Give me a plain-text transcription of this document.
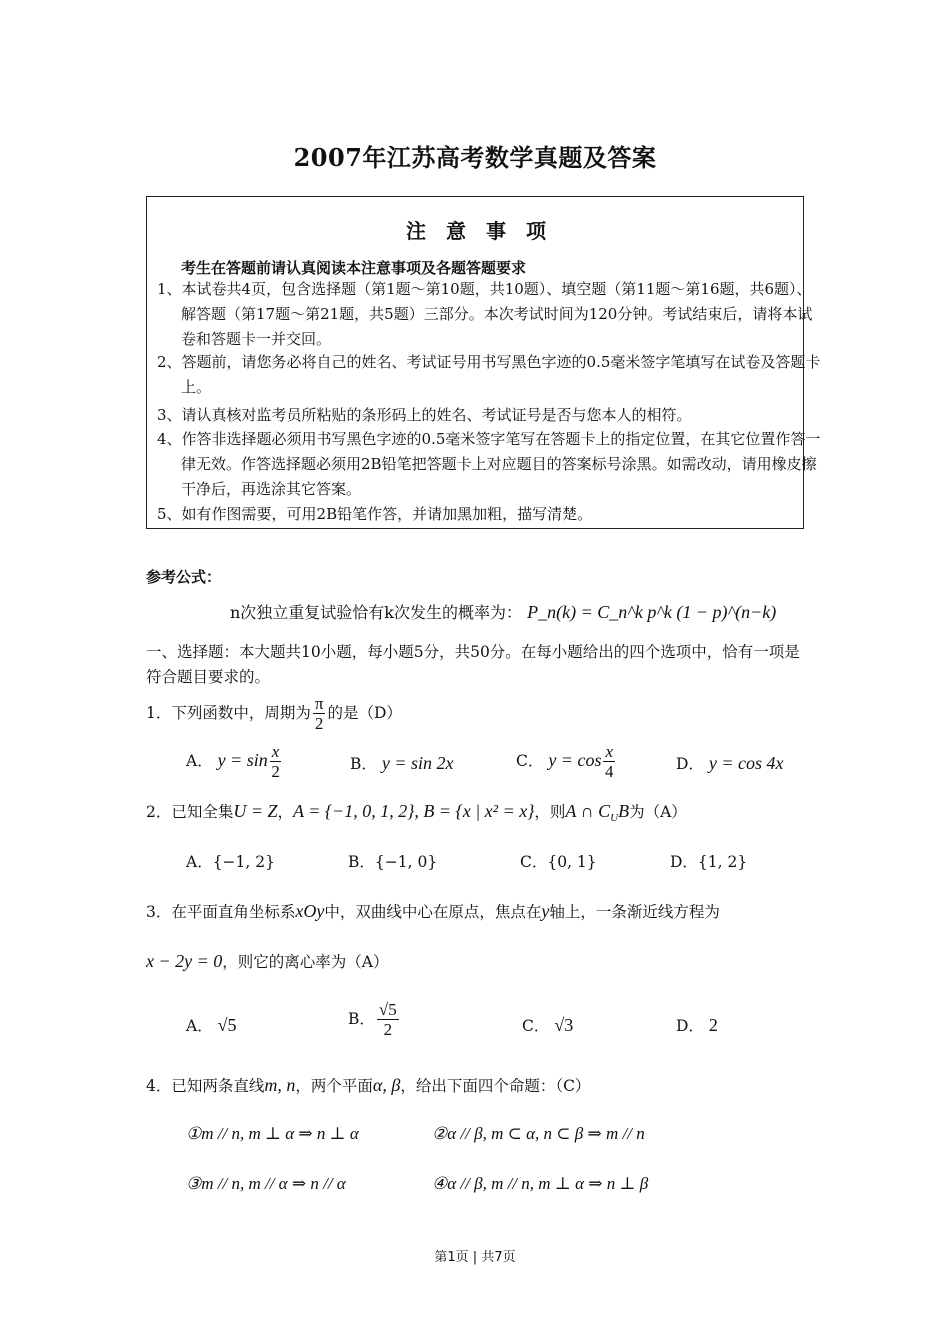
2007年江苏高考数学真题及答案
注　意　事　项
考生在答题前请认真阅读本注意事项及各题答题要求
1、本试卷共4页，包含选择题（第1题～第10题，共10题）、填空题（第11题～第16题，共6题）、解答题（第17题～第21题，共5题）三部分。本次考试时间为120分钟。考试结束后，请将本试卷和答题卡一并交回。
2、答题前，请您务必将自己的姓名、考试证号用书写黑色字迹的0.5毫米签字笔填写在试卷及答题卡上。
3、请认真核对监考员所粘贴的条形码上的姓名、考试证号是否与您本人的相符。
4、作答非选择题必须用书写黑色字迹的0.5毫米签字笔写在答题卡上的指定位置，在其它位置作答一律无效。作答选择题必须用2B铅笔把答题卡上对应题目的答案标号涂黑。如需改动，请用橡皮擦干净后，再选涂其它答案。
5、如有作图需要，可用2B铅笔作答，并请加黑加粗，描写清楚。
参考公式：
n次独立重复试验恰有k次发生的概率为： P_n(k) = C_n^k p^k (1 − p)^(n−k)
一、选择题：本大题共10小题，每小题5分，共50分。在每小题给出的四个选项中，恰有一项是符合题目要求的。
1．下列函数中，周期为 $\frac{\pi}{2}$ 的是（D）
A． $y = \sin \frac{x}{2}$	B． y = sin 2x	C． $y = \cos \frac{x}{4}$	D． y = cos 4x
2．已知全集U = Z，A = {−1, 0, 1, 2}, B = {x | x² = x}，则A ∩ $C_UB$为（A）
A．{−1, 2}	B．{−1, 0}	C．{0, 1}	D．{1, 2}
3．在平面直角坐标系xOy中，双曲线中心在原点，焦点在y轴上，一条渐近线方程为
x − 2y = 0，则它的离心率为（A）
A． √5	B． $\frac{√5}{2}$	C． √3	D． 2
4．已知两条直线m, n，两个平面α, β，给出下面四个命题：（C）
①m // n, m ⊥ α ⇒ n ⊥ α	②α // β, m ⊂ α, n ⊂ β ⇒ m // n
③m // n, m // α ⇒ n // α	④α // β, m // n, m ⊥ α ⇒ n ⊥ β
第1页 | 共7页
